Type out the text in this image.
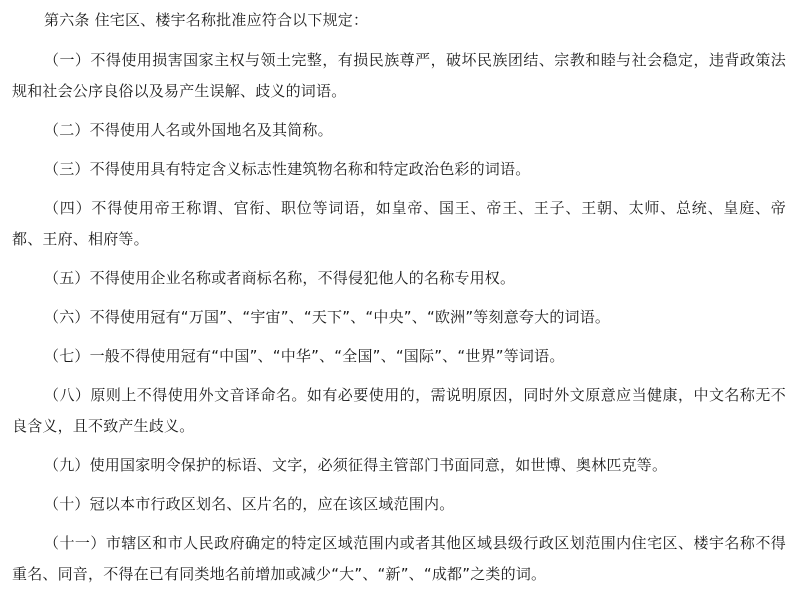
第六条 住宅区、楼宇名称批准应符合以下规定：

（一）不得使用损害国家主权与领土完整，有损民族尊严，破坏民族团结、宗教和睦与社会稳定，违背政策法规和社会公序良俗以及易产生误解、歧义的词语。

（二）不得使用人名或外国地名及其简称。

（三）不得使用具有特定含义标志性建筑物名称和特定政治色彩的词语。

（四）不得使用帝王称谓、官衔、职位等词语，如皇帝、国王、帝王、王子、王朝、太师、总统、皇庭、帝都、王府、相府等。

（五）不得使用企业名称或者商标名称，不得侵犯他人的名称专用权。

（六）不得使用冠有“万国”、“宇宙”、“天下”、“中央”、“欧洲”等刻意夸大的词语。

（七）一般不得使用冠有“中国”、“中华”、“全国”、“国际”、“世界”等词语。

（八）原则上不得使用外文音译命名。如有必要使用的，需说明原因，同时外文原意应当健康，中文名称无不良含义，且不致产生歧义。

（九）使用国家明令保护的标语、文字，必须征得主管部门书面同意，如世博、奥林匹克等。

（十）冠以本市行政区划名、区片名的，应在该区域范围内。

（十一）市辖区和市人民政府确定的特定区域范围内或者其他区域县级行政区划范围内住宅区、楼宇名称不得重名、同音，不得在已有同类地名前增加或减少“大”、“新”、“成都”之类的词。
